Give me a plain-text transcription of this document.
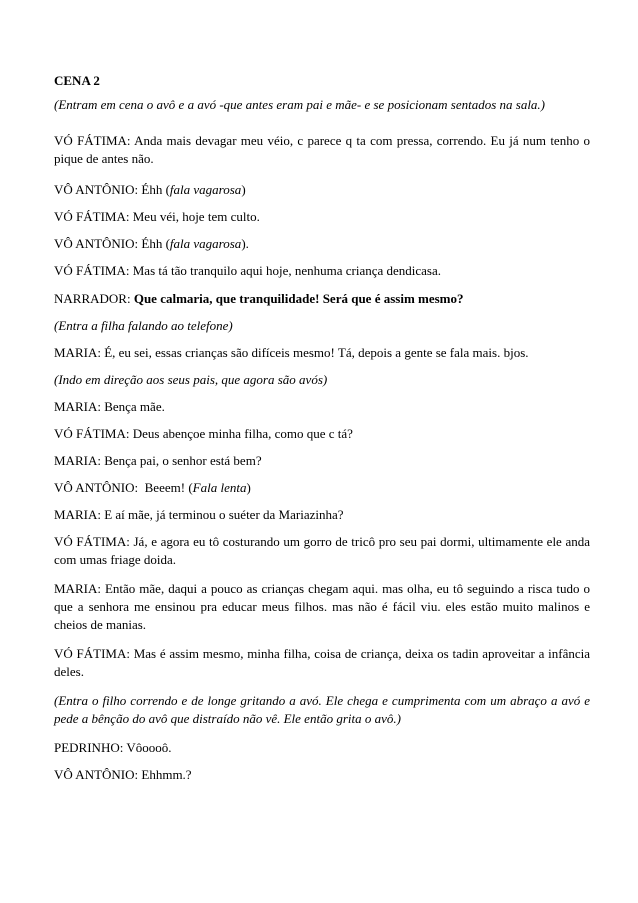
CENA 2

(Entram em cena o avô e a avó -que antes eram pai e mãe- e se posicionam sentados na sala.)

VÓ FÁTIMA: Anda mais devagar meu véio, c parece q ta com pressa, correndo. Eu já num tenho o pique de antes não.

VÔ ANTÔNIO: Éhh (fala vagarosa)

VÓ FÁTIMA: Meu véi, hoje tem culto.

VÔ ANTÔNIO: Éhh (fala vagarosa).

VÓ FÁTIMA: Mas tá tão tranquilo aqui hoje, nenhuma criança dendicasa.

NARRADOR: Que calmaria, que tranquilidade! Será que é assim mesmo?

(Entra a filha falando ao telefone)

MARIA: É, eu sei, essas crianças são difíceis mesmo! Tá, depois a gente se fala mais. bjos.

(Indo em direção aos seus pais, que agora são avós)

MARIA: Bença mãe.

VÓ FÁTIMA: Deus abençoe minha filha, como que c tá?

MARIA: Bença pai, o senhor está bem?

VÔ ANTÔNIO: Beeem! (Fala lenta)

MARIA: E aí mãe, já terminou o suéter da Mariazinha?

VÓ FÁTIMA: Já, e agora eu tô costurando um gorro de tricô pro seu pai dormi, ultimamente ele anda com umas friage doida.

MARIA: Então mãe, daqui a pouco as crianças chegam aqui. mas olha, eu tô seguindo a risca tudo o que a senhora me ensinou pra educar meus filhos. mas não é fácil viu. eles estão muito malinos e cheios de manias.

VÓ FÁTIMA: Mas é assim mesmo, minha filha, coisa de criança, deixa os tadin aproveitar a infância deles.

(Entra o filho correndo e de longe gritando a avó. Ele chega e cumprimenta com um abraço a avó e pede a bênção do avô que distraído não vê. Ele então grita o avô.)

PEDRINHO: Vôoooô.

VÔ ANTÔNIO: Ehhmm.?
